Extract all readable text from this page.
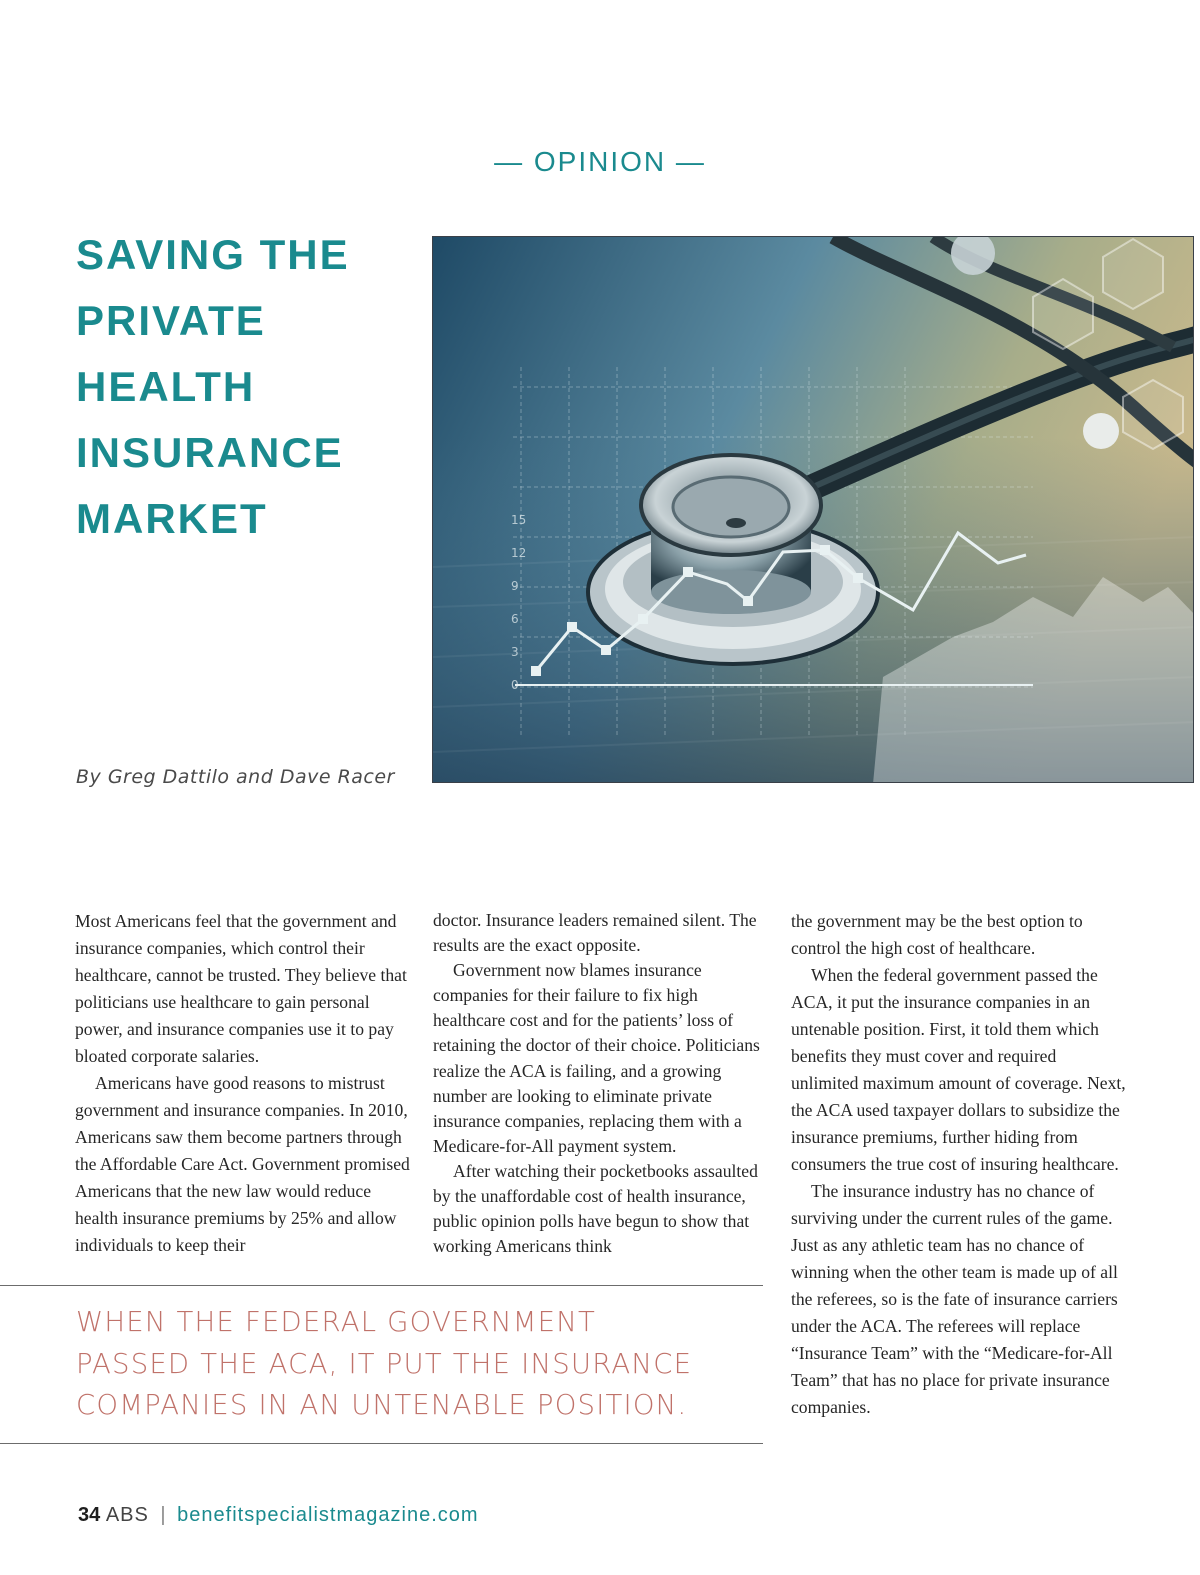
— OPINION —
SAVING THE
PRIVATE
HEALTH
INSURANCE
MARKET	15
12
9
6
3
0
By Greg Dattilo and Dave Racer

Most Americans feel that the government and insurance companies, which control their healthcare, cannot be trusted. They believe that politicians use healthcare to gain personal power, and insurance companies use it to pay bloated corporate salaries.

Americans have good reasons to mistrust government and insurance companies. In 2010, Americans saw them become partners through the Affordable Care Act. Government promised Americans that the new law would reduce health insurance premiums by 25% and allow individuals to keep their

doctor. Insurance leaders remained silent. The results are the exact opposite.

Government now blames insurance companies for their failure to fix high healthcare cost and for the patients’ loss of retaining the doctor of their choice. Politicians realize the ACA is failing, and a growing number are looking to eliminate private insurance companies, replacing them with a Medicare-for-All payment system.

After watching their pocketbooks assaulted by the unaffordable cost of health insurance, public opinion polls have begun to show that working Americans think

the government may be the best option to control the high cost of healthcare.

When the federal government passed the ACA, it put the insurance companies in an untenable position. First, it told them which benefits they must cover and required unlimited maximum amount of coverage. Next, the ACA used taxpayer dollars to subsidize the insurance premiums, further hiding from consumers the true cost of insuring healthcare.

The insurance industry has no chance of surviving under the current rules of the game. Just as any athletic team has no chance of winning when the other team is made up of all the referees, so is the fate of insurance carriers under the ACA. The referees will replace “Insurance Team” with the “Medicare-for-All Team” that has no place for private insurance companies.

WHEN THE FEDERAL GOVERNMENT
PASSED THE ACA, IT PUT THE INSURANCE
COMPANIES IN AN UNTENABLE POSITION.
34 ABS | benefitspecialistmagazine.com
